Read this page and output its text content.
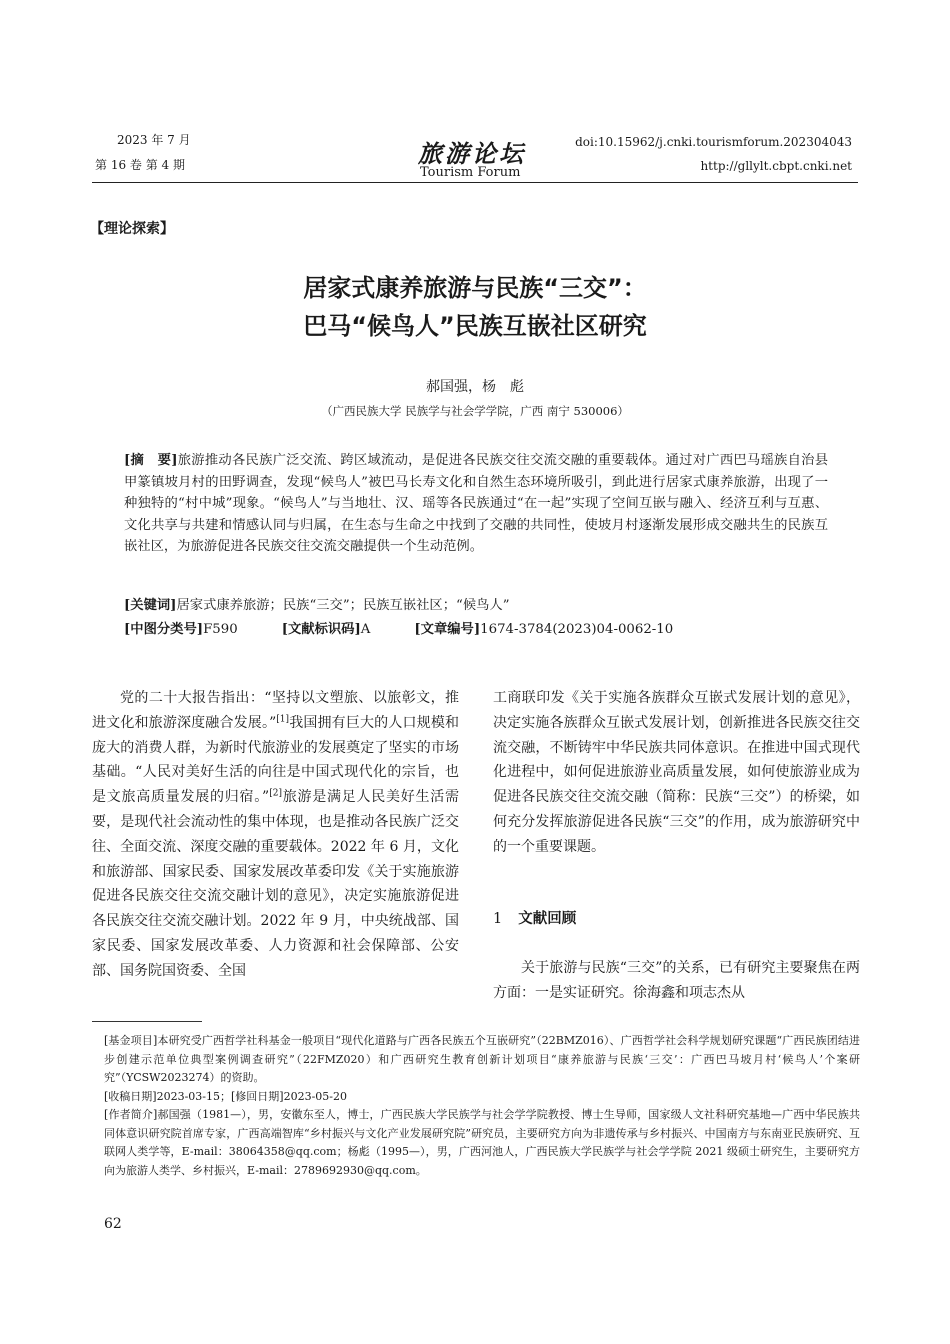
2023 年 7 月
第 16 卷 第 4 期	旅游论坛
Tourism Forum
doi:10.15962/j.cnki.tourismforum.202304043
http://gllylt.cbpt.cnki.net
【理论探索】
居家式康养旅游与民族“三交”：
巴马“候鸟人”民族互嵌社区研究
郝国强，杨　彪
（广西民族大学 民族学与社会学学院，广西 南宁 530006）
[摘　要]旅游推动各民族广泛交流、跨区域流动，是促进各民族交往交流交融的重要载体。通过对广西巴马瑶族自治县甲篆镇坡月村的田野调查，发现“候鸟人”被巴马长寿文化和自然生态环境所吸引，到此进行居家式康养旅游，出现了一种独特的“村中城”现象。“候鸟人”与当地壮、汉、瑶等各民族通过“在一起”实现了空间互嵌与融入、经济互利与互惠、文化共享与共建和情感认同与归属，在生态与生命之中找到了交融的共同性，使坡月村逐渐发展形成交融共生的民族互嵌社区，为旅游促进各民族交往交流交融提供一个生动范例。
[关键词]居家式康养旅游；民族“三交”；民族互嵌社区；“候鸟人”
[中图分类号]F590	[文献标识码]A	[文章编号]1674-3784(2023)04-0062-10

党的二十大报告指出：“坚持以文塑旅、以旅彰文，推进文化和旅游深度融合发展。”[1]我国拥有巨大的人口规模和庞大的消费人群，为新时代旅游业的发展奠定了坚实的市场基础。“人民对美好生活的向往是中国式现代化的宗旨，也是文旅高质量发展的归宿。”[2]旅游是满足人民美好生活需要，是现代社会流动性的集中体现，也是推动各民族广泛交往、全面交流、深度交融的重要载体。2022 年 6 月，文化和旅游部、国家民委、国家发展改革委印发《关于实施旅游促进各民族交往交流交融计划的意见》，决定实施旅游促进各民族交往交流交融计划。2022 年 9 月，中央统战部、国家民委、国家发展改革委、人力资源和社会保障部、公安部、国务院国资委、全国

工商联印发《关于实施各族群众互嵌式发展计划的意见》，决定实施各族群众互嵌式发展计划，创新推进各民族交往交流交融，不断铸牢中华民族共同体意识。在推进中国式现代化进程中，如何促进旅游业高质量发展，如何使旅游业成为促进各民族交往交流交融（简称：民族“三交”）的桥梁，如何充分发挥旅游促进各民族“三交”的作用，成为旅游研究中的一个重要课题。

1 文献回顾

关于旅游与民族“三交”的关系，已有研究主要聚焦在两方面：一是实证研究。徐海鑫和项志杰从

[基金项目]本研究受广西哲学社科基金一般项目“现代化道路与广西各民族五个互嵌研究”（22BMZ016）、广西哲学社会科学规划研究课题“广西民族团结进步创建示范单位典型案例调查研究”（22FMZ020）和广西研究生教育创新计划项目“康养旅游与民族‘三交’：广西巴马坡月村‘候鸟人’个案研究”（YCSW2023274）的资助。

[收稿日期]2023-03-15；[修回日期]2023-05-20

[作者简介]郝国强（1981—），男，安徽东至人，博士，广西民族大学民族学与社会学学院教授、博士生导师，国家级人文社科研究基地—广西中华民族共同体意识研究院首席专家，广西高端智库“乡村振兴与文化产业发展研究院”研究员，主要研究方向为非遗传承与乡村振兴、中国南方与东南亚民族研究、互联网人类学等，E-mail：38064358@qq.com；杨彪（1995—），男，广西河池人，广西民族大学民族学与社会学学院 2021 级硕士研究生，主要研究方向为旅游人类学、乡村振兴，E-mail：2789692930@qq.com。

62
